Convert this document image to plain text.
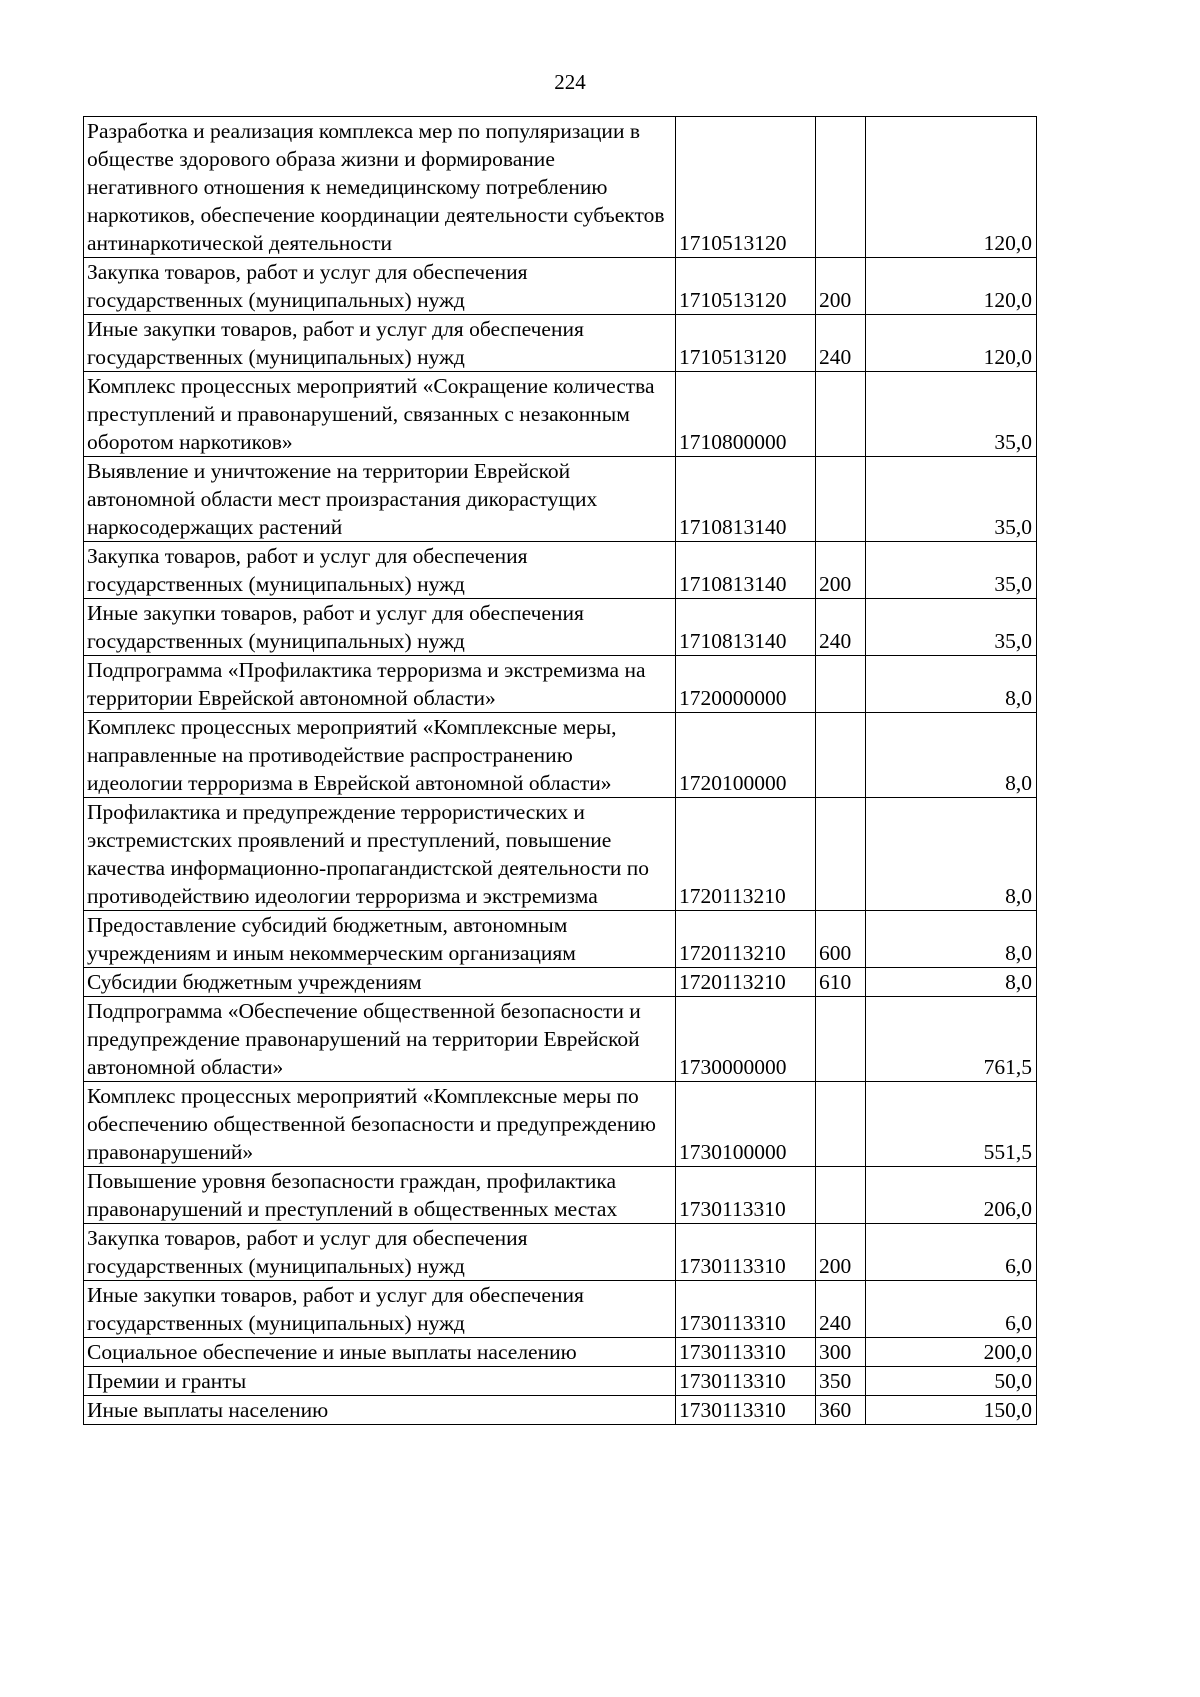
224
Разработка и реализация комплекса мер по популяризации в обществе здорового образа жизни и формирование негативного отношения к немедицинскому потреблению наркотиков, обеспечение координации деятельности субъектов антинаркотической деятельности	1710513120		120,0
Закупка товаров, работ и услуг для обеспечения государственных (муниципальных) нужд	1710513120	200	120,0
Иные закупки товаров, работ и услуг для обеспечения государственных (муниципальных) нужд	1710513120	240	120,0
Комплекс процессных мероприятий «Сокращение количества преступлений и правонарушений, связанных с незаконным оборотом наркотиков»	1710800000		35,0
Выявление и уничтожение на территории Еврейской автономной области мест произрастания дикорастущих наркосодержащих растений	1710813140		35,0
Закупка товаров, работ и услуг для обеспечения государственных (муниципальных) нужд	1710813140	200	35,0
Иные закупки товаров, работ и услуг для обеспечения государственных (муниципальных) нужд	1710813140	240	35,0
Подпрограмма «Профилактика терроризма и экстремизма на территории Еврейской автономной области»	1720000000		8,0
Комплекс процессных мероприятий «Комплексные меры, направленные на противодействие распространению идеологии терроризма в Еврейской автономной области»	1720100000		8,0
Профилактика и предупреждение террористических и экстремистских проявлений и преступлений, повышение качества информационно-пропагандистской деятельности по противодействию идеологии терроризма и экстремизма	1720113210		8,0
Предоставление субсидий бюджетным, автономным учреждениям и иным некоммерческим организациям	1720113210	600	8,0
Субсидии бюджетным учреждениям	1720113210	610	8,0
Подпрограмма «Обеспечение общественной безопасности и предупреждение правонарушений на территории Еврейской автономной области»	1730000000		761,5
Комплекс процессных мероприятий «Комплексные меры по обеспечению общественной безопасности и предупреждению правонарушений»	1730100000		551,5
Повышение уровня безопасности граждан, профилактика правонарушений и преступлений в общественных местах	1730113310		206,0
Закупка товаров, работ и услуг для обеспечения государственных (муниципальных) нужд	1730113310	200	6,0
Иные закупки товаров, работ и услуг для обеспечения государственных (муниципальных) нужд	1730113310	240	6,0
Социальное обеспечение и иные выплаты населению	1730113310	300	200,0
Премии и гранты	1730113310	350	50,0
Иные выплаты населению	1730113310	360	150,0
